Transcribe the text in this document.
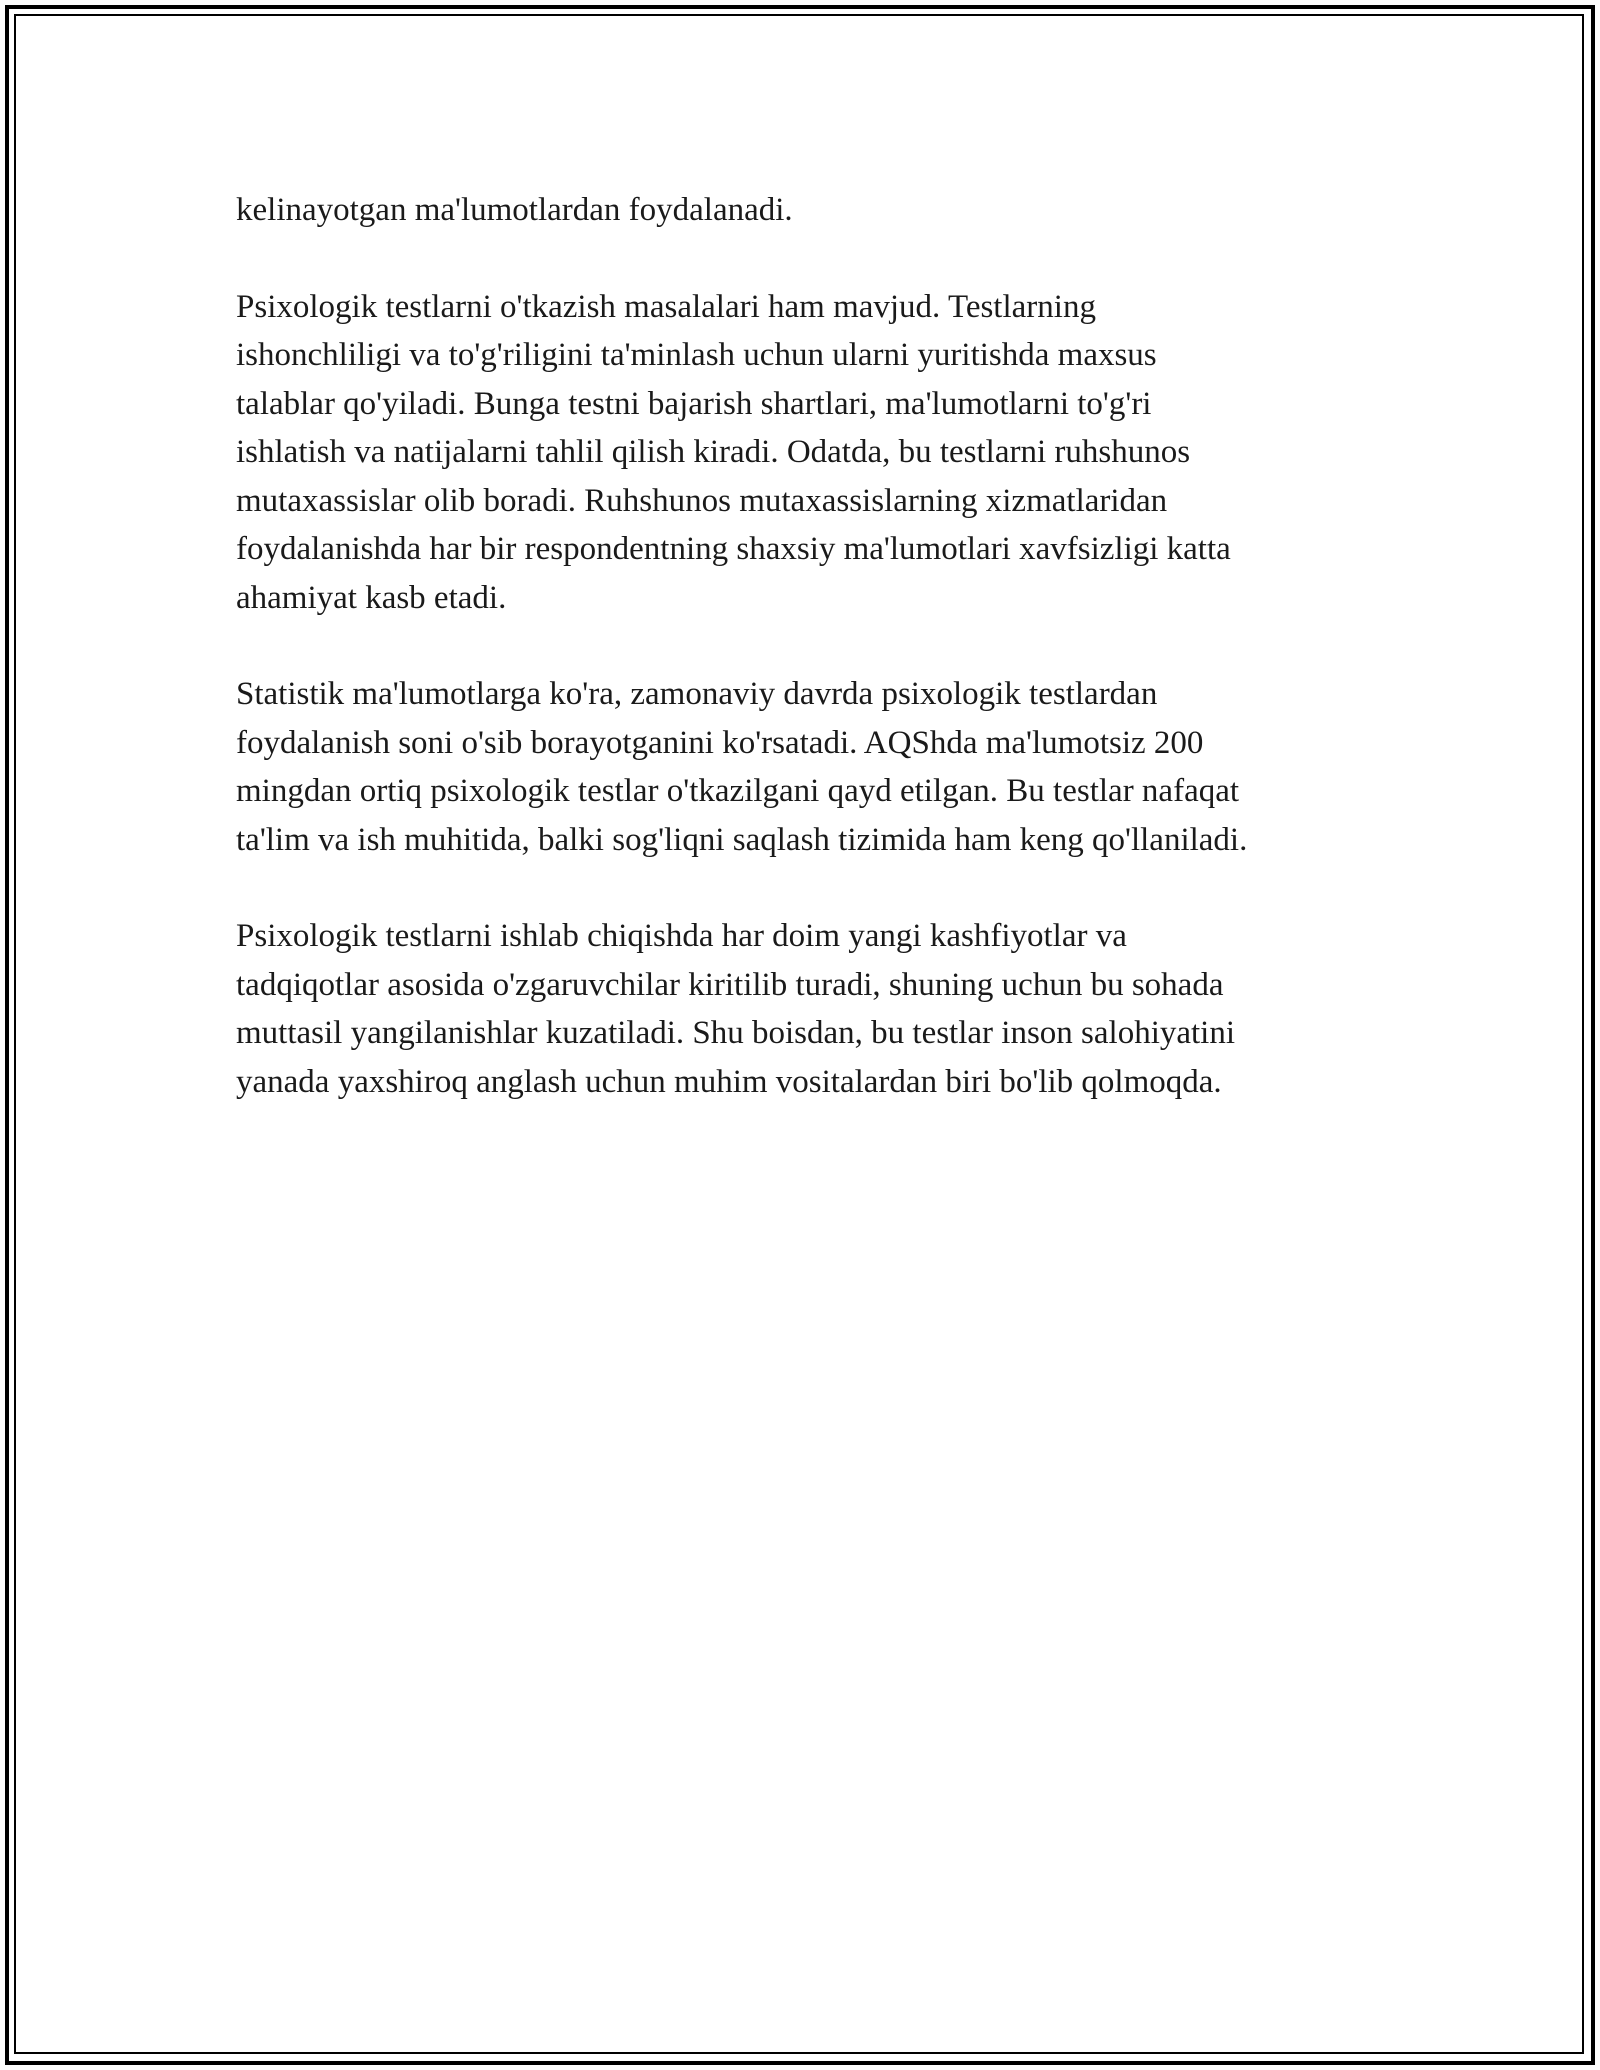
kelinayotgan ma'lumotlardan foydalanadi.

Psixologik testlarni o'tkazish masalalari ham mavjud. Testlarning
ishonchliligi va to'g'riligini ta'minlash uchun ularni yuritishda maxsus
talablar qo'yiladi. Bunga testni bajarish shartlari, ma'lumotlarni to'g'ri
ishlatish va natijalarni tahlil qilish kiradi. Odatda, bu testlarni ruhshunos
mutaxassislar olib boradi. Ruhshunos mutaxassislarning xizmatlaridan
foydalanishda har bir respondentning shaxsiy ma'lumotlari xavfsizligi katta
ahamiyat kasb etadi.

Statistik ma'lumotlarga ko'ra, zamonaviy davrda psixologik testlardan
foydalanish soni o'sib borayotganini ko'rsatadi. AQShda ma'lumotsiz 200
mingdan ortiq psixologik testlar o'tkazilgani qayd etilgan. Bu testlar nafaqat
ta'lim va ish muhitida, balki sog'liqni saqlash tizimida ham keng qo'llaniladi.

Psixologik testlarni ishlab chiqishda har doim yangi kashfiyotlar va
tadqiqotlar asosida o'zgaruvchilar kiritilib turadi, shuning uchun bu sohada
muttasil yangilanishlar kuzatiladi. Shu boisdan, bu testlar inson salohiyatini
yanada yaxshiroq anglash uchun muhim vositalardan biri bo'lib qolmoqda.
